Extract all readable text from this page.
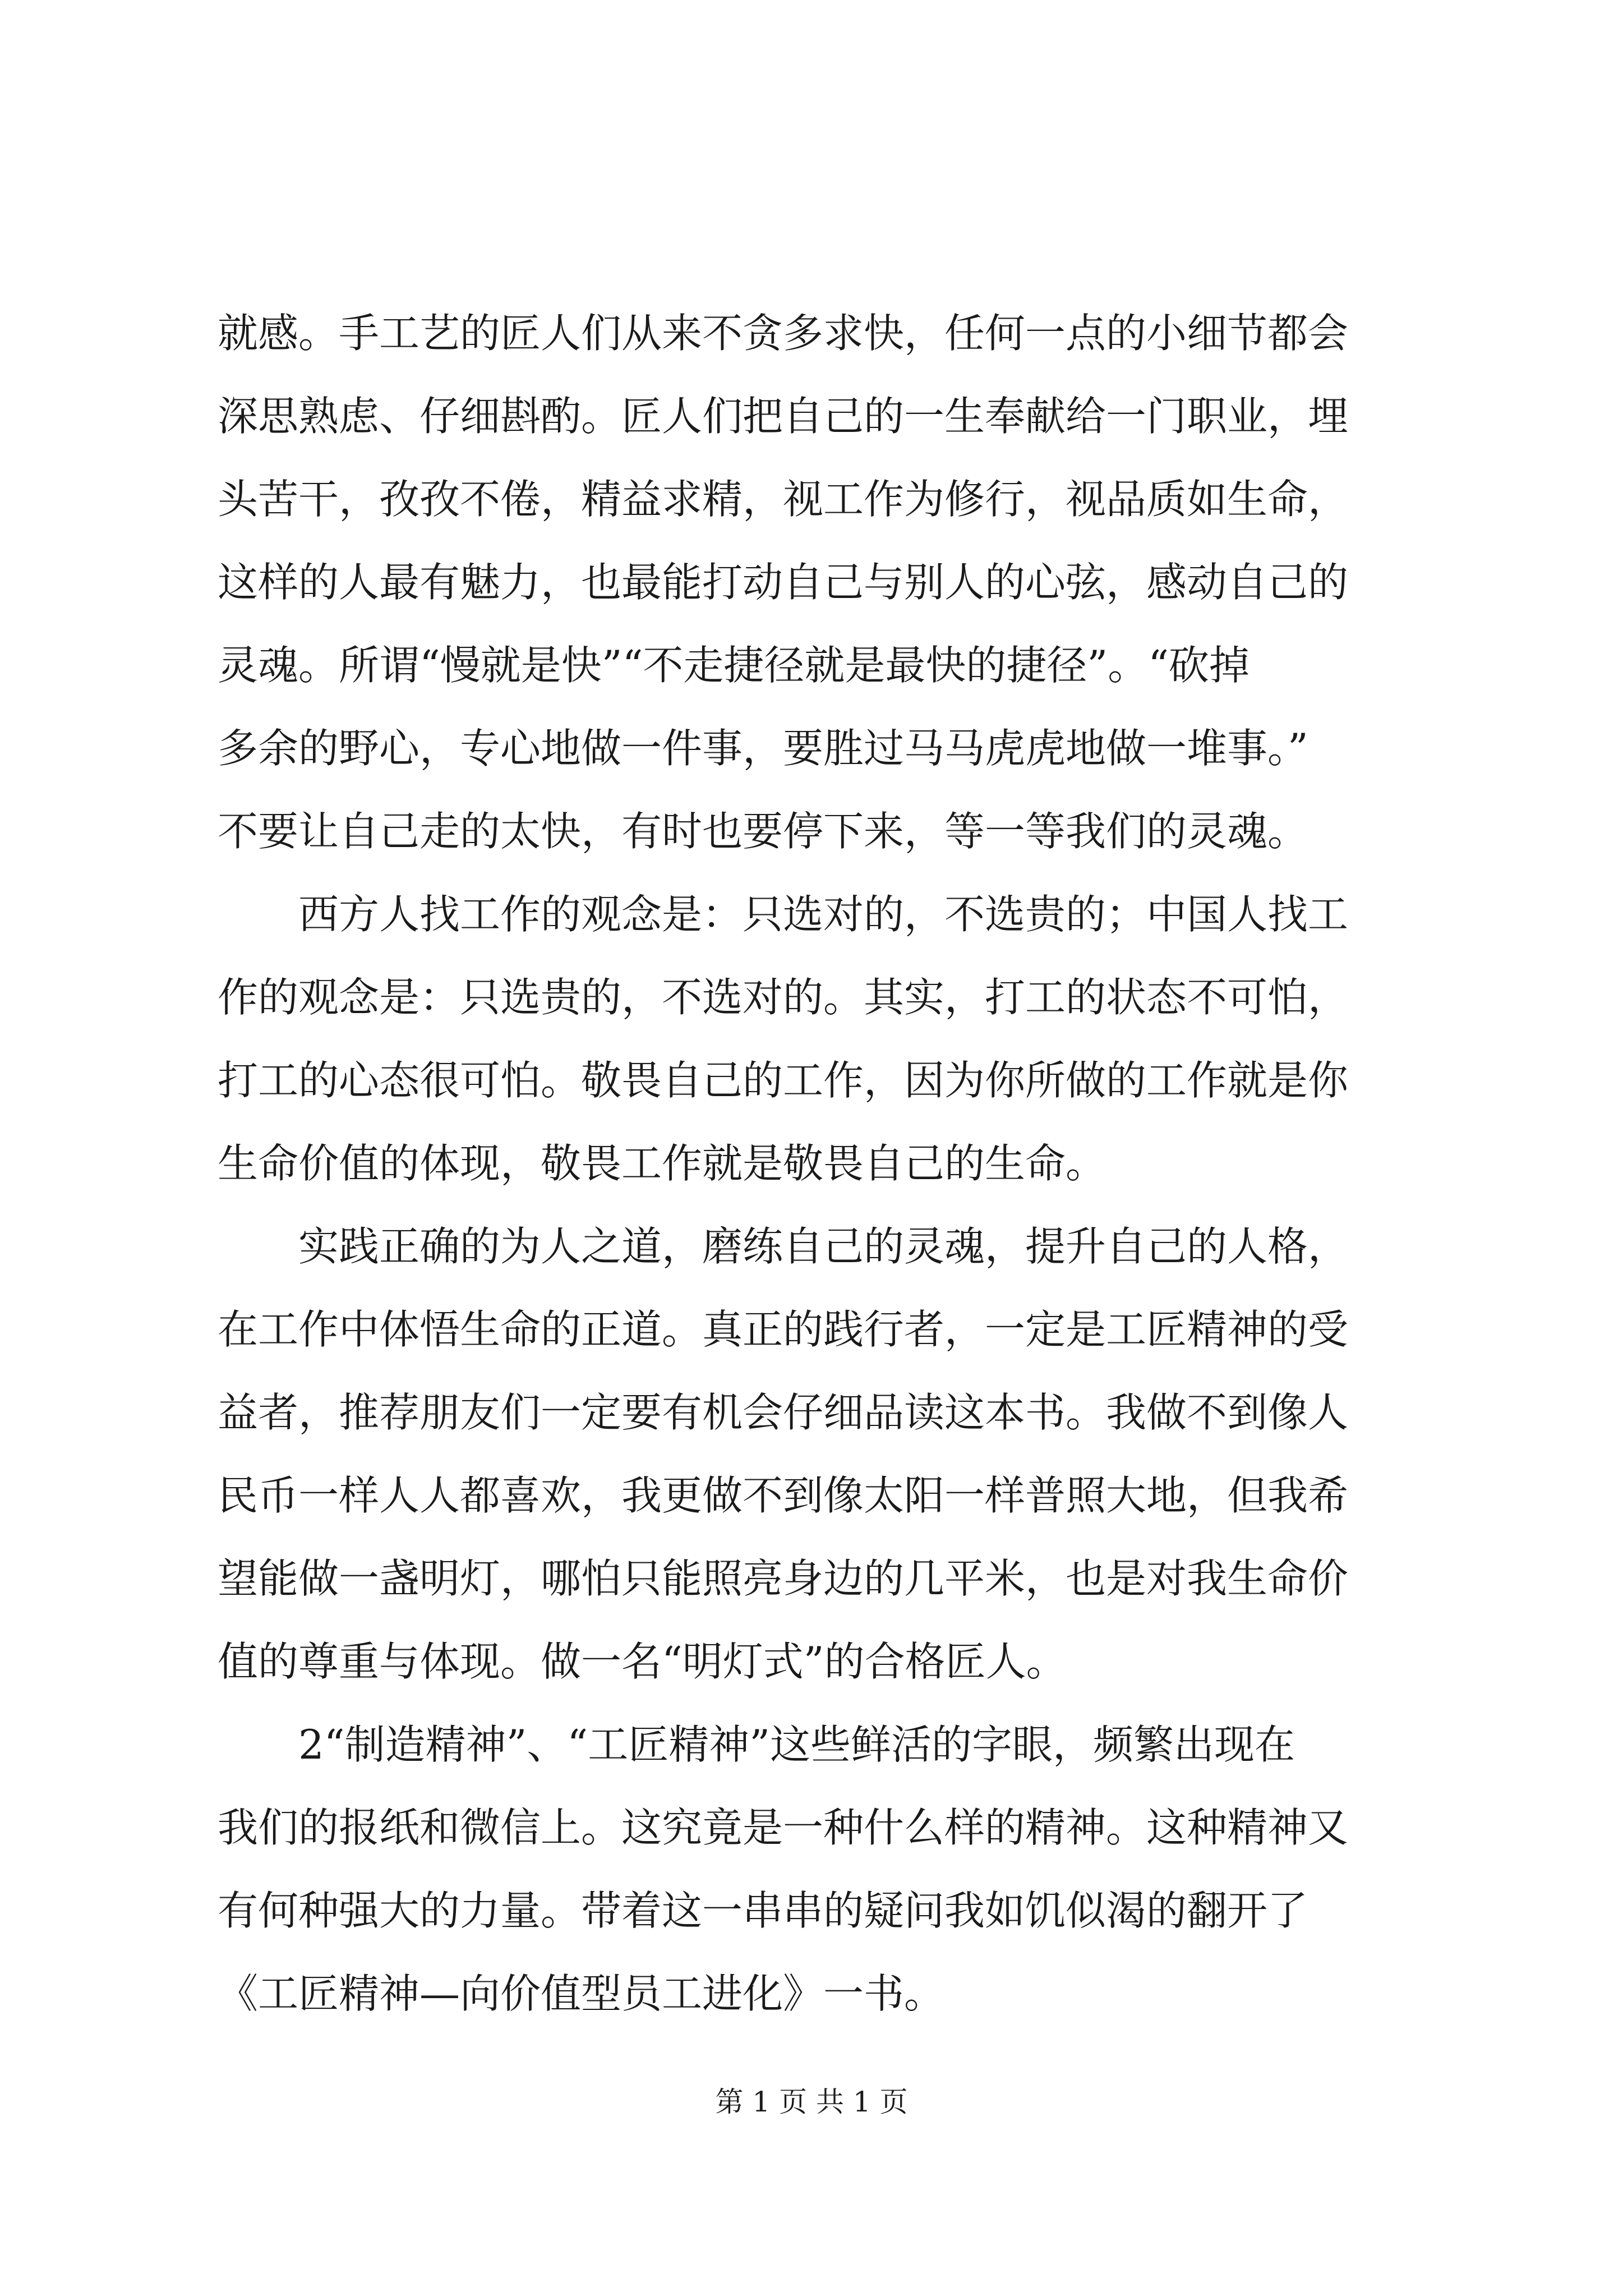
就感。手工艺的匠人们从来不贪多求快，任何一点的小细节都会
深思熟虑、仔细斟酌。匠人们把自己的一生奉献给一门职业，埋
头苦干，孜孜不倦，精益求精，视工作为修行，视品质如生命，
这样的人最有魅力，也最能打动自己与别人的心弦，感动自己的
灵魂。所谓“慢就是快”“不走捷径就是最快的捷径”。“砍掉
多余的野心，专心地做一件事，要胜过马马虎虎地做一堆事。”
不要让自己走的太快，有时也要停下来，等一等我们的灵魂。
　　西方人找工作的观念是：只选对的，不选贵的；中国人找工
作的观念是：只选贵的，不选对的。其实，打工的状态不可怕，
打工的心态很可怕。敬畏自己的工作，因为你所做的工作就是你
生命价值的体现，敬畏工作就是敬畏自己的生命。
　　实践正确的为人之道，磨练自己的灵魂，提升自己的人格，
在工作中体悟生命的正道。真正的践行者，一定是工匠精神的受
益者，推荐朋友们一定要有机会仔细品读这本书。我做不到像人
民币一样人人都喜欢，我更做不到像太阳一样普照大地，但我希
望能做一盏明灯，哪怕只能照亮身边的几平米，也是对我生命价
值的尊重与体现。做一名“明灯式”的合格匠人。
　　2“制造精神”、“工匠精神”这些鲜活的字眼，频繁出现在
我们的报纸和微信上。这究竟是一种什么样的精神。这种精神又
有何种强大的力量。带着这一串串的疑问我如饥似渴的翻开了
《工匠精神—向价值型员工进化》一书。
第 1 页 共 1 页
